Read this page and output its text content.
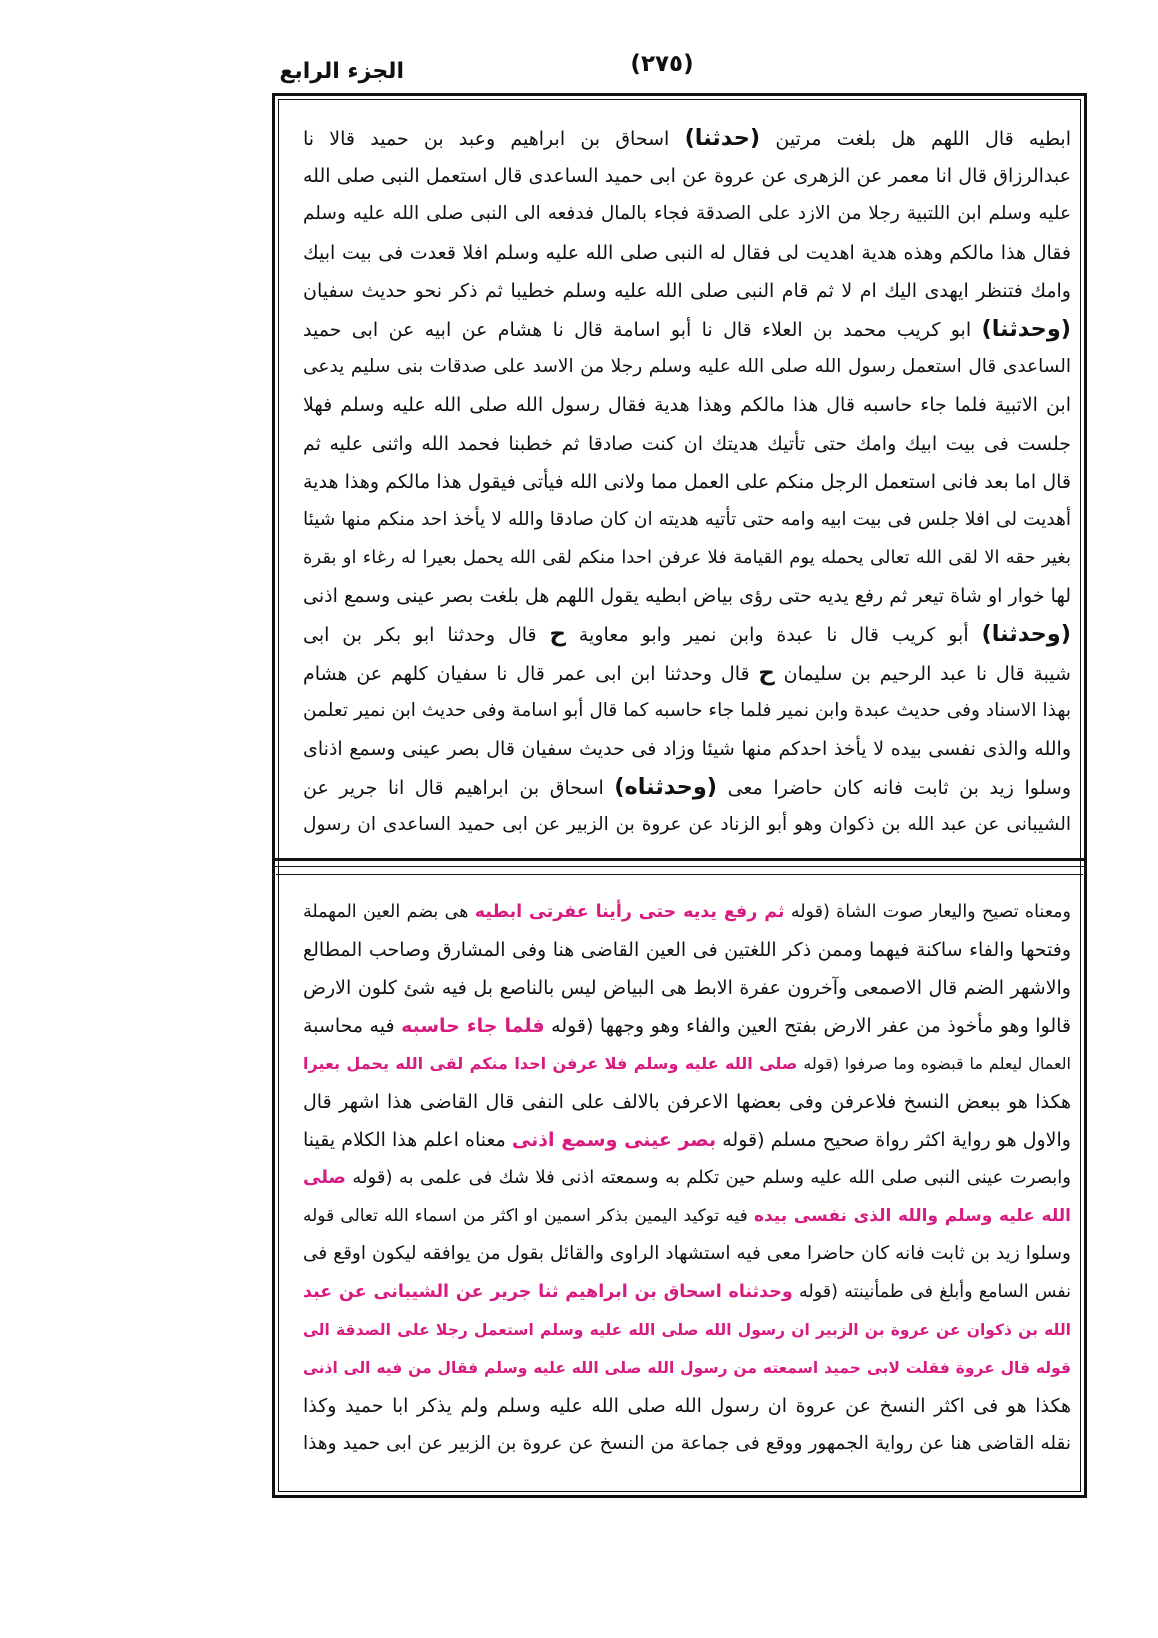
الجزء الرابع	(٢٧٥)
ابطيه قال اللهم هل بلغت مرتين (حدثنا) اسحاق بن ابراهيم وعبد بن حميد قالا نا
عبدالرزاق قال انا معمر عن الزهرى عن عروة عن ابى حميد الساعدى قال استعمل النبى صلى الله
عليه وسلم ابن اللتبية رجلا من الازد على الصدقة فجاء بالمال فدفعه الى النبى صلى الله عليه وسلم
فقال هذا مالكم وهذه هدية اهديت لى فقال له النبى صلى الله عليه وسلم افلا قعدت فى بيت ابيك
وامك فتنظر ايهدى اليك ام لا ثم قام النبى صلى الله عليه وسلم خطيبا ثم ذكر نحو حديث سفيان
(وحدثنا) ابو كريب محمد بن العلاء قال نا أبو اسامة قال نا هشام عن ابيه عن ابى حميد
الساعدى قال استعمل رسول الله صلى الله عليه وسلم رجلا من الاسد على صدقات بنى سليم يدعى
ابن الاتبية فلما جاء حاسبه قال هذا مالكم وهذا هدية فقال رسول الله صلى الله عليه وسلم فهلا
جلست فى بيت ابيك وامك حتى تأتيك هديتك ان كنت صادقا ثم خطبنا فحمد الله واثنى عليه ثم
قال اما بعد فانى استعمل الرجل منكم على العمل مما ولانى الله فيأتى فيقول هذا مالكم وهذا هدية
أهديت لى افلا جلس فى بيت ابيه وامه حتى تأتيه هديته ان كان صادقا والله لا يأخذ احد منكم منها شيئا
بغير حقه الا لقى الله تعالى يحمله يوم القيامة فلا عرفن احدا منكم لقى الله يحمل بعيرا له رغاء او بقرة
لها خوار او شاة تيعر ثم رفع يديه حتى رؤى بياض ابطيه يقول اللهم هل بلغت بصر عينى وسمع اذنى
(وحدثنا) أبو كريب قال نا عبدة وابن نمير وابو معاوية ح قال وحدثنا ابو بكر بن ابى
شيبة قال نا عبد الرحيم بن سليمان ح قال وحدثنا ابن ابى عمر قال نا سفيان كلهم عن هشام
بهذا الاسناد وفى حديث عبدة وابن نمير فلما جاء حاسبه كما قال أبو اسامة وفى حديث ابن نمير تعلمن
والله والذى نفسى بيده لا يأخذ احدكم منها شيئا وزاد فى حديث سفيان قال بصر عينى وسمع اذناى
وسلوا زيد بن ثابت فانه كان حاضرا معى (وحدثناه) اسحاق بن ابراهيم قال انا جرير عن
الشيبانى عن عبد الله بن ذكوان وهو أبو الزناد عن عروة بن الزبير عن ابى حميد الساعدى ان رسول
ومعناه تصيح واليعار صوت الشاة (قوله ثم رفع يديه حتى رأينا عفرتى ابطيه هى بضم العين المهملة
وفتحها والفاء ساكنة فيهما وممن ذكر اللغتين فى العين القاضى هنا وفى المشارق وصاحب المطالع
والاشهر الضم قال الاصمعى وآخرون عفرة الابط هى البياض ليس بالناصع بل فيه شئ كلون الارض
قالوا وهو مأخوذ من عفر الارض بفتح العين والفاء وهو وجهها (قوله فلما جاء حاسبه فيه محاسبة
العمال ليعلم ما قبضوه وما صرفوا (قوله صلى الله عليه وسلم فلا عرفن احدا منكم لقى الله يحمل بعيرا
هكذا هو ببعض النسخ فلاعرفن وفى بعضها الاعرفن بالالف على النفى قال القاضى هذا اشهر قال
والاول هو رواية اكثر رواة صحيح مسلم (قوله بصر عينى وسمع اذنى معناه اعلم هذا الكلام يقينا
وابصرت عينى النبى صلى الله عليه وسلم حين تكلم به وسمعته اذنى فلا شك فى علمى به (قوله صلى
الله عليه وسلم والله الذى نفسى بيده فيه توكيد اليمين بذكر اسمين او اكثر من اسماء الله تعالى قوله
وسلوا زيد بن ثابت فانه كان حاضرا معى فيه استشهاد الراوى والقائل بقول من يوافقه ليكون اوقع فى
نفس السامع وأبلغ فى طمأنينته (قوله وحدثناه اسحاق بن ابراهيم ثنا جرير عن الشيبانى عن عبد
الله بن ذكوان عن عروة بن الزبير ان رسول الله صلى الله عليه وسلم استعمل رجلا على الصدقة الى
قوله قال عروة فقلت لابى حميد اسمعته من رسول الله صلى الله عليه وسلم فقال من فيه الى اذنى
هكذا هو فى اكثر النسخ عن عروة ان رسول الله صلى الله عليه وسلم ولم يذكر ابا حميد وكذا
نقله القاضى هنا عن رواية الجمهور ووقع فى جماعة من النسخ عن عروة بن الزبير عن ابى حميد وهذا
